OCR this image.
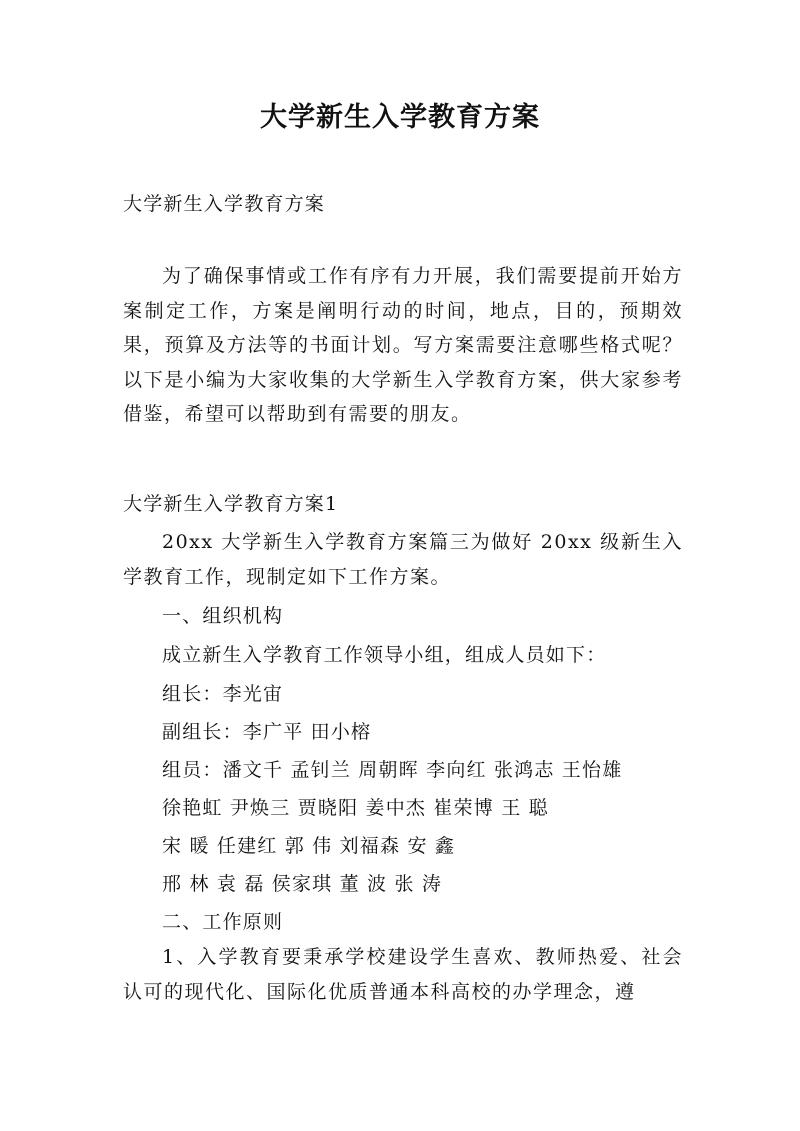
大学新生入学教育方案
大学新生入学教育方案
为了确保事情或工作有序有力开展，我们需要提前开始方案制定工作，方案是阐明行动的时间，地点，目的，预期效果，预算及方法等的书面计划。写方案需要注意哪些格式呢？以下是小编为大家收集的大学新生入学教育方案，供大家参考借鉴，希望可以帮助到有需要的朋友。
大学新生入学教育方案1
20xx 大学新生入学教育方案篇三为做好 20xx 级新生入学教育工作，现制定如下工作方案。
一、组织机构
成立新生入学教育工作领导小组，组成人员如下：
组长：李光宙
副组长：李广平 田小榕
组员：潘文千 孟钊兰 周朝晖 李向红 张鸿志 王怡雄
徐艳虹 尹焕三 贾晓阳 姜中杰 崔荣博 王 聪
宋 暖 任建红 郭 伟 刘福森 安 鑫
邢 林 袁 磊 侯家琪 董 波 张 涛
二、工作原则
1、入学教育要秉承学校建设学生喜欢、教师热爱、社会认可的现代化、国际化优质普通本科高校的办学理念，遵
